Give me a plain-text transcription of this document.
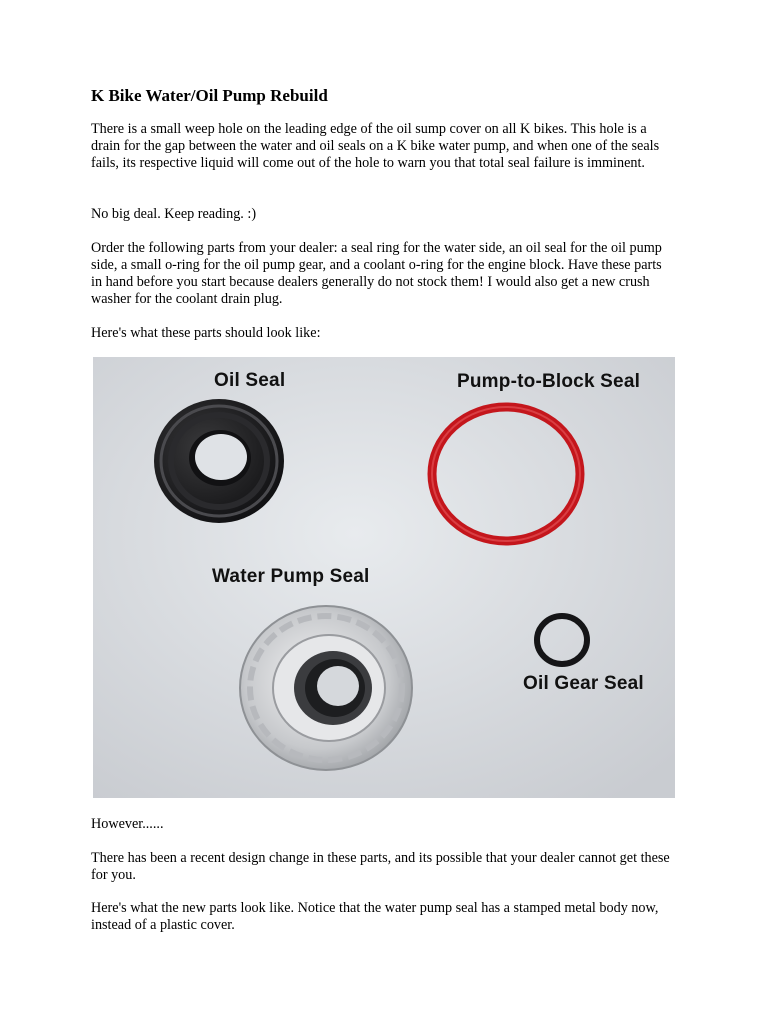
K Bike Water/Oil Pump Rebuild

There is a small weep hole on the leading edge of the oil sump cover on all K bikes. This hole is a drain for the gap between the water and oil seals on a K bike water pump, and when one of the seals fails, its respective liquid will come out of the hole to warn you that total seal failure is imminent.

No big deal. Keep reading. :)

Order the following parts from your dealer: a seal ring for the water side, an oil seal for the oil pump side, a small o-ring for the oil pump gear, and a coolant o-ring for the engine block. Have these parts in hand before you start because dealers generally do not stock them! I would also get a new crush washer for the coolant drain plug.

Here's what these parts should look like:

Oil Seal	Pump-to-Block Seal
Water Pump Seal
Oil Gear Seal

However......

There has been a recent design change in these parts, and its possible that your dealer cannot get these for you.

Here's what the new parts look like. Notice that the water pump seal has a stamped metal body now, instead of a plastic cover.
